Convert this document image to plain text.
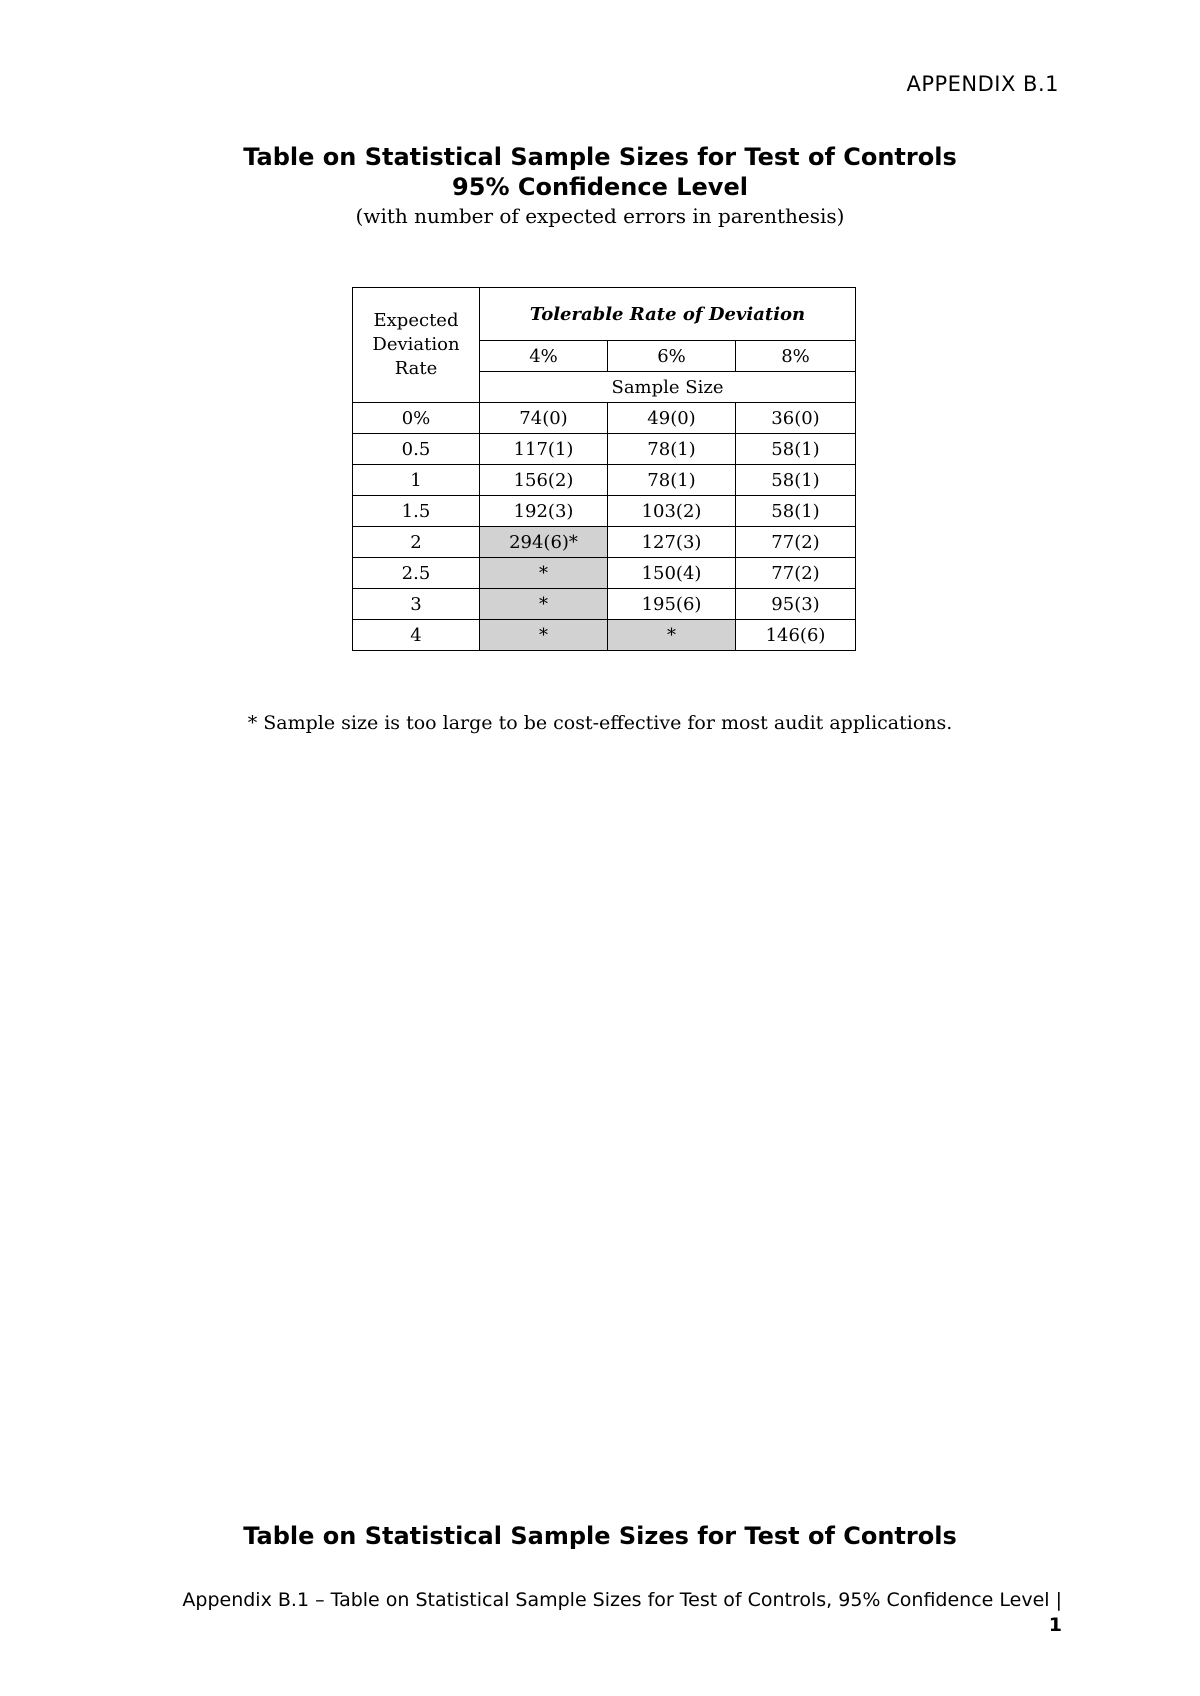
APPENDIX B.1

Table on Statistical Sample Sizes for Test of Controls

95% Confidence Level

(with number of expected errors in parenthesis)

Expected Deviation Rate	Tolerable Rate of Deviation		
	4%	6%	8%
	Sample Size		
0%	74(0)	49(0)	36(0)
0.5	117(1)	78(1)	58(1)
1	156(2)	78(1)	58(1)
1.5	192(3)	103(2)	58(1)
2	294(6)*	127(3)	77(2)
2.5	*	150(4)	77(2)
3	*	195(6)	95(3)
4	*	*	146(6)
* Sample size is too large to be cost-effective for most audit applications.
Table on Statistical Sample Sizes for Test of Controls
Appendix B.1 – Table on Statistical Sample Sizes for Test of Controls, 95% Confidence Level |
1
